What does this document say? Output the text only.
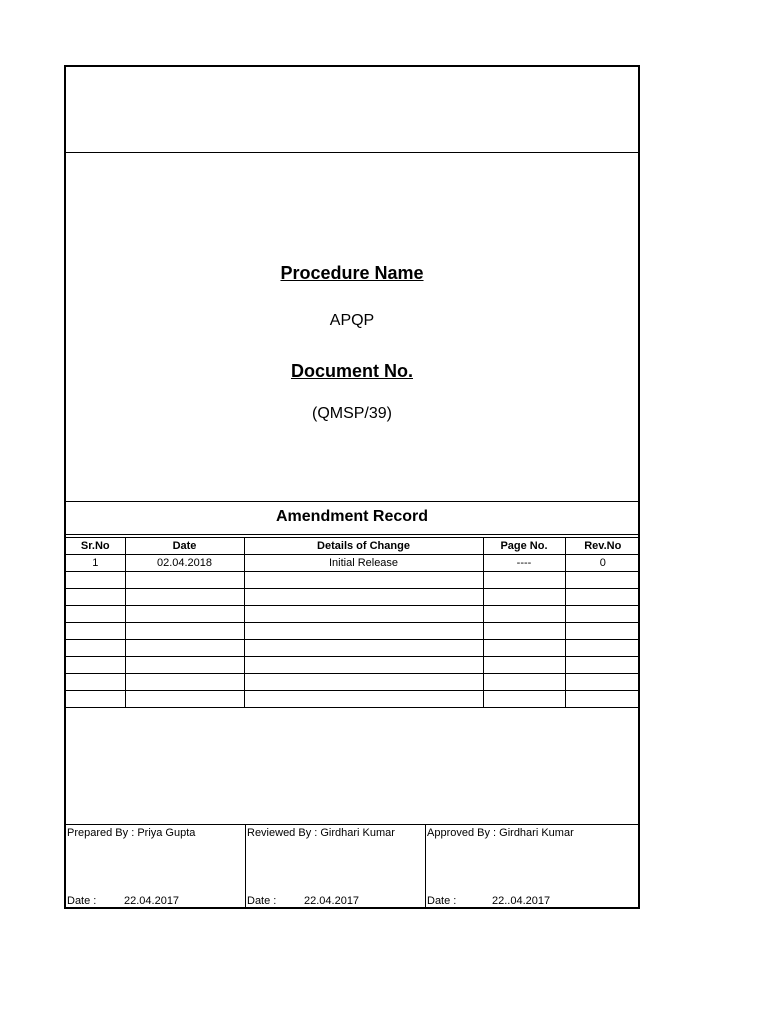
Procedure Name
APQP
Document No.
(QMSP/39)
Amendment Record
Sr.No	Date	Details of Change	Page No.	Rev.No
1	02.04.2018	Initial Release	----	0

Prepared By : Priya Gupta
Date :	22.04.2017
Reviewed By : Girdhari Kumar
Date :	22.04.2017
Approved By : Girdhari Kumar
Date :	22..04.2017
